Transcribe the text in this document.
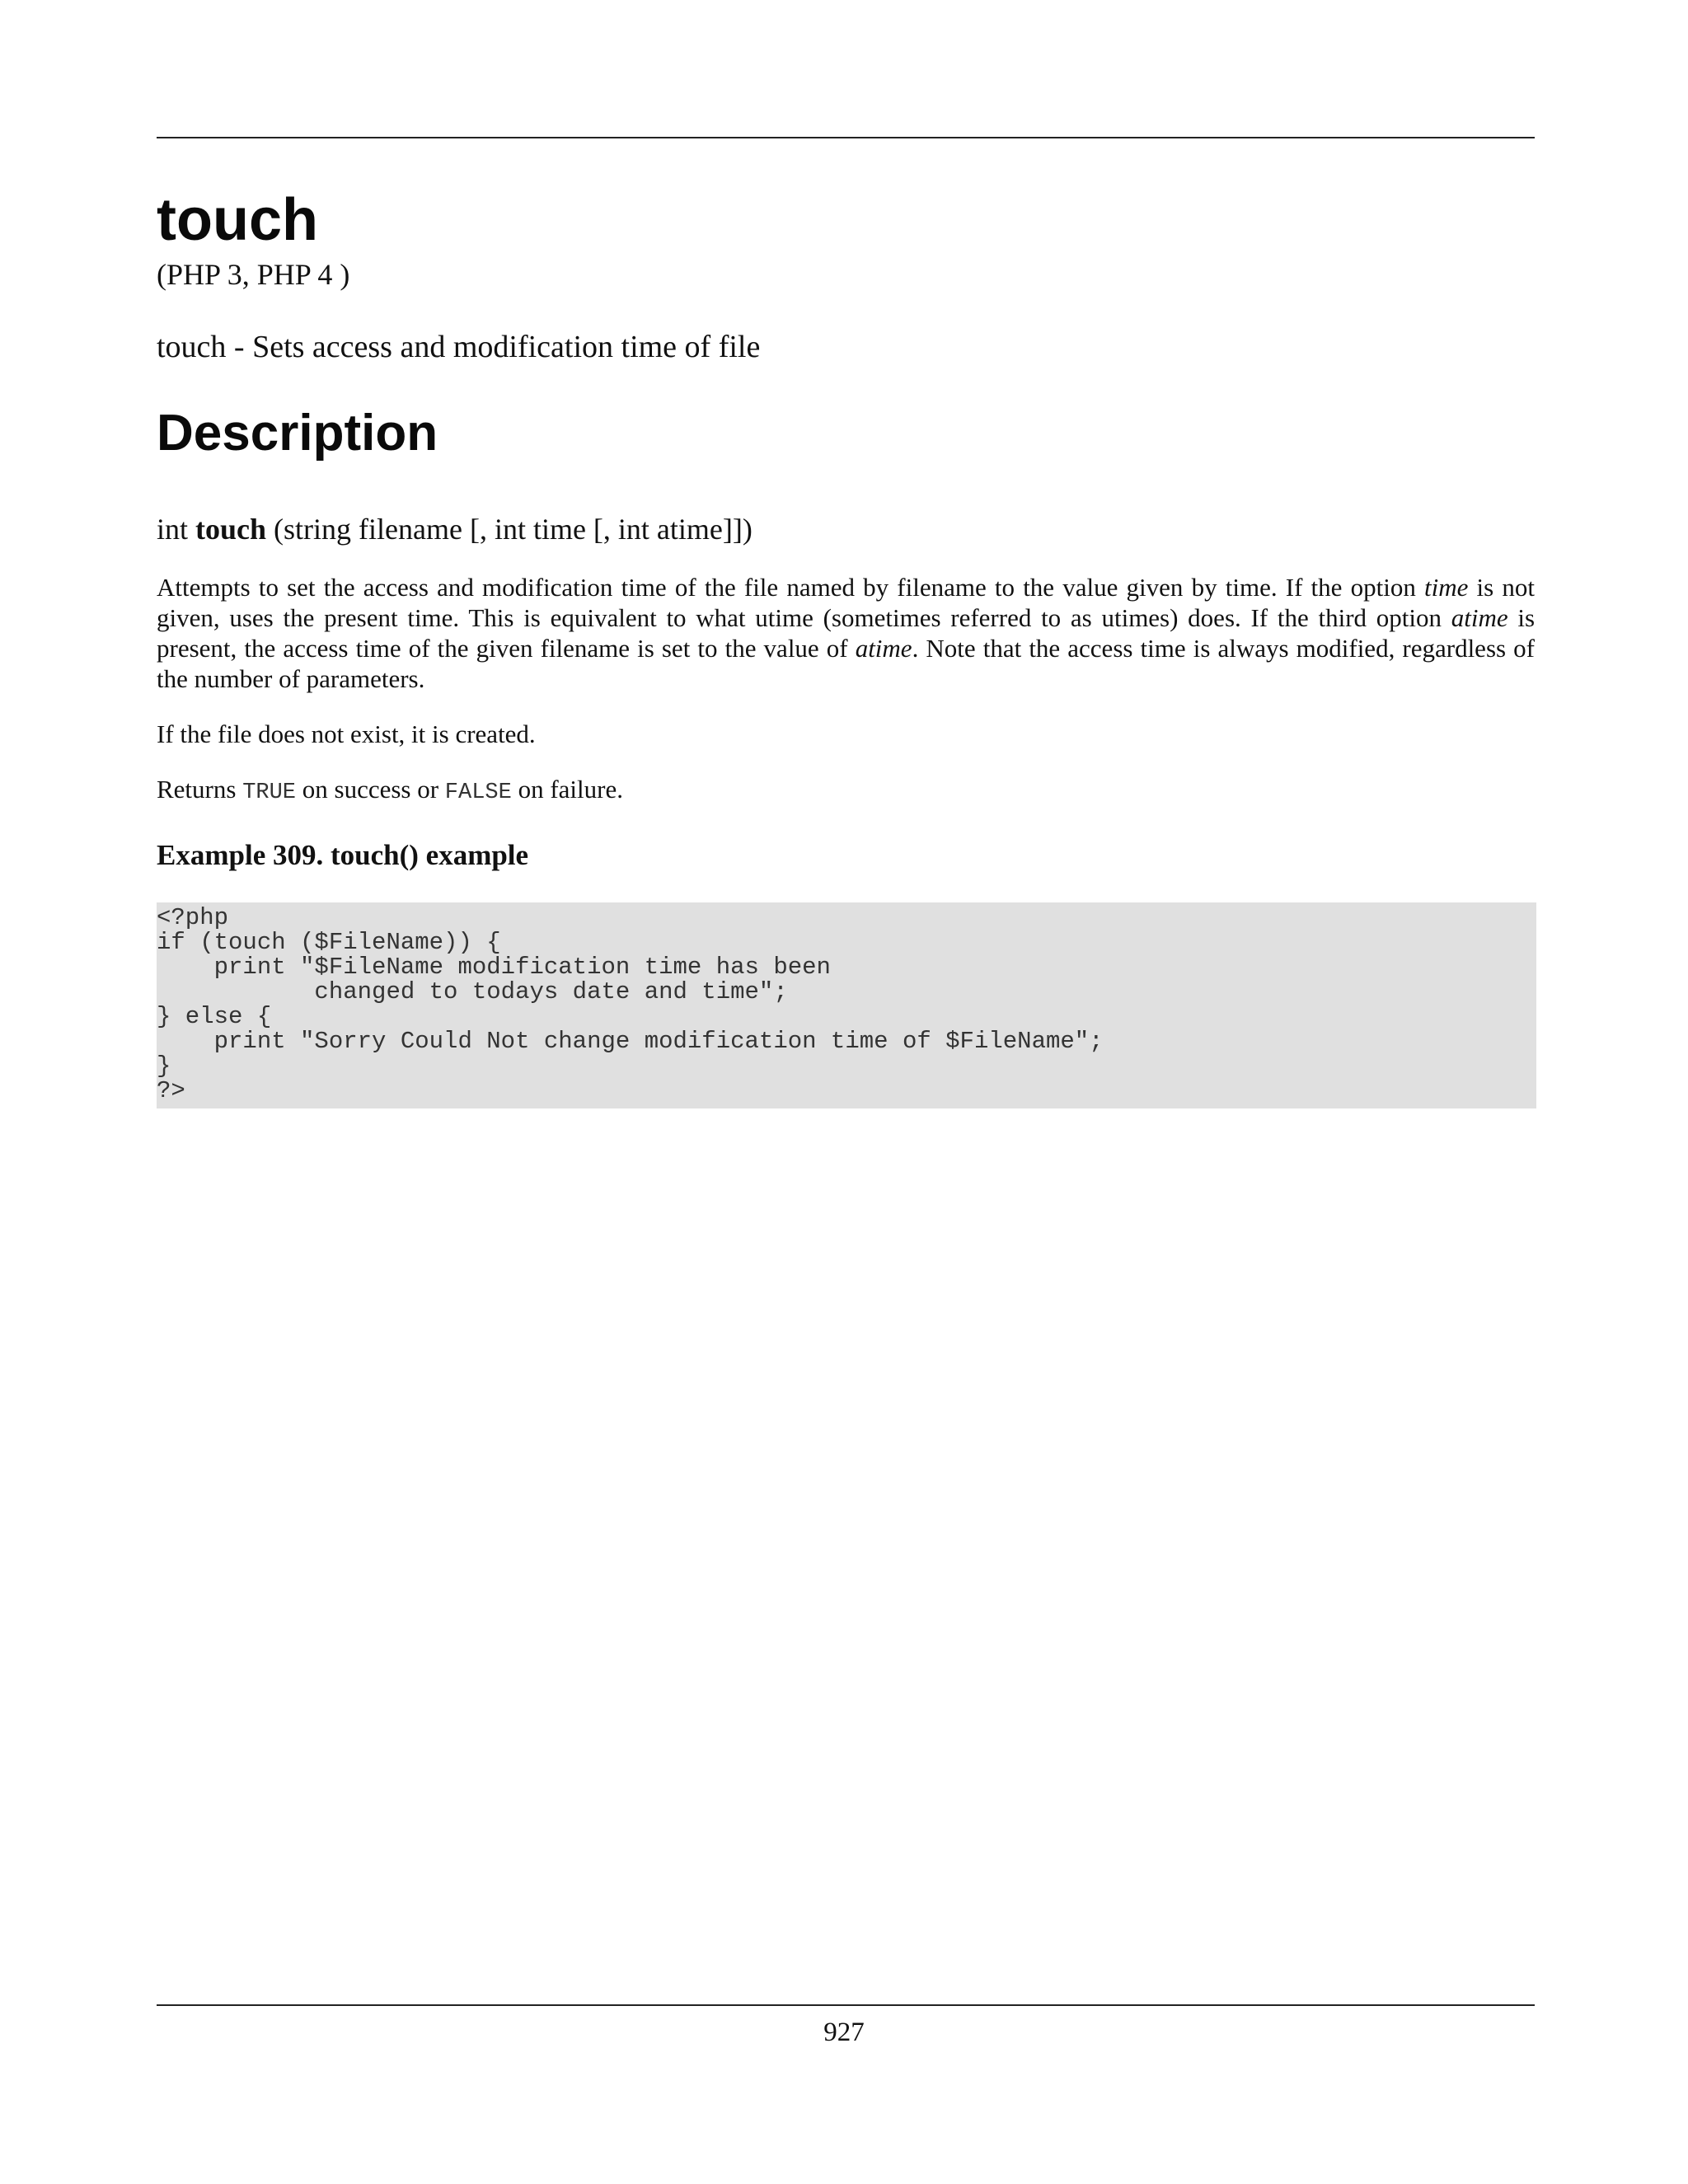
touch
(PHP 3, PHP 4 )
touch - Sets access and modification time of file
Description
int touch (string filename [, int time [, int atime]])
Attempts to set the access and modification time of the file named by filename to the value given by time. If the option time is not given, uses the present time. This is equivalent to what utime (sometimes referred to as utimes) does. If the third option atime is present, the access time of the given filename is set to the value of atime. Note that the access time is always modified, regardless of the number of parameters.
If the file does not exist, it is created.
Returns TRUE on success or FALSE on failure.
Example 309. touch() example
<?php
if (touch ($FileName)) {
print "$FileName modification time has been
changed to todays date and time";
} else {
print "Sorry Could Not change modification time of $FileName";
}
?>
927
